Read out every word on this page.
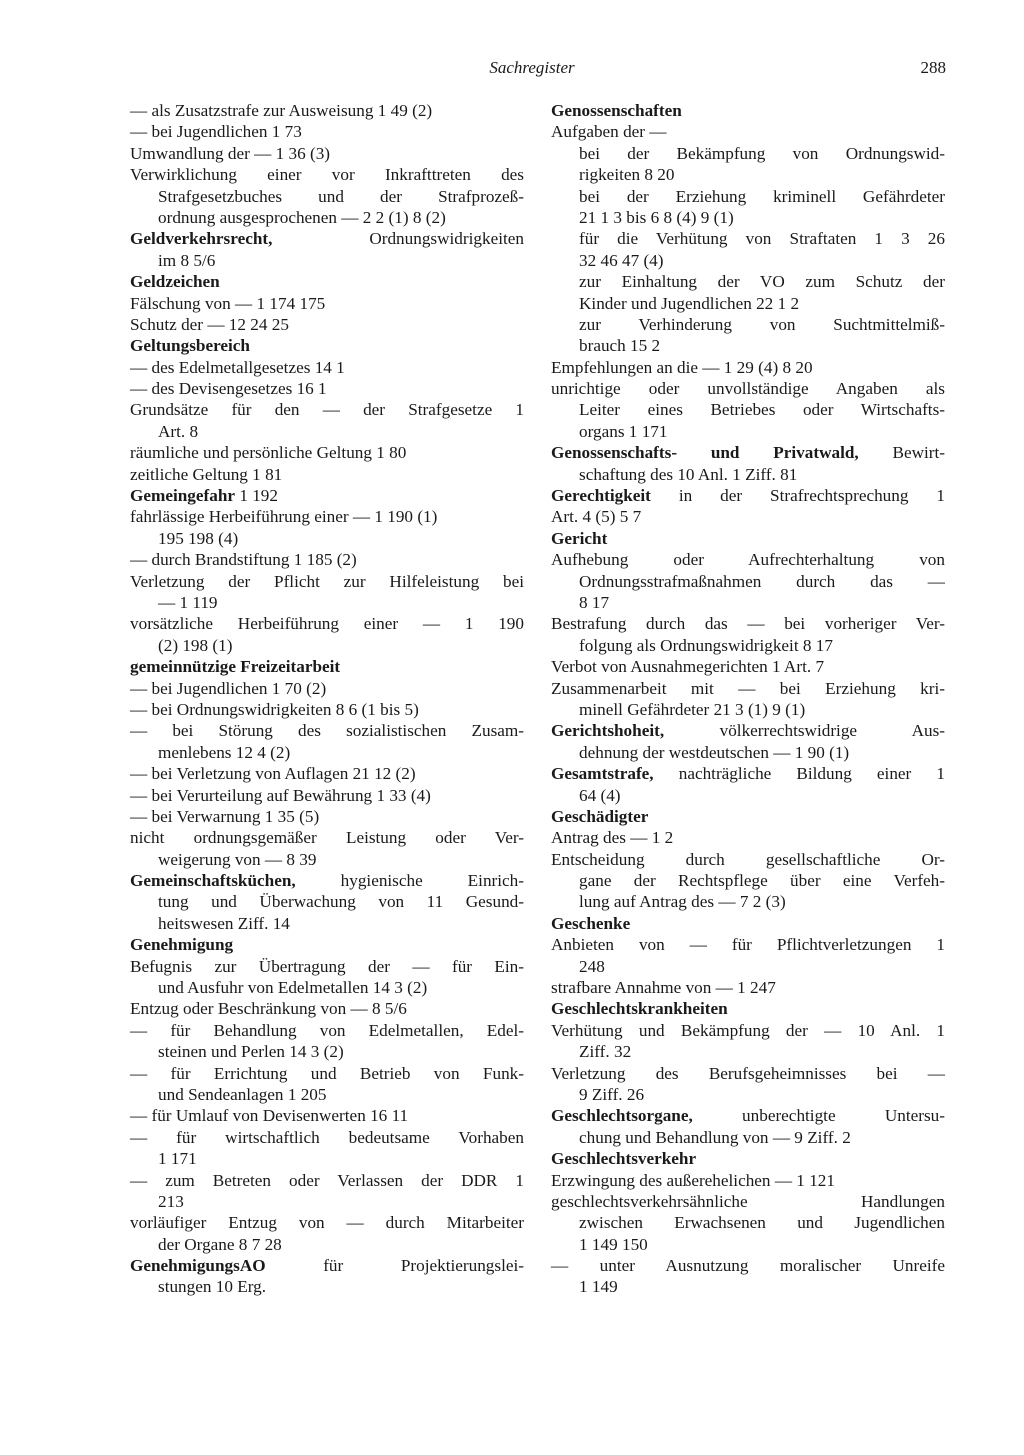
Sachregister	288
— als Zusatzstrafe zur Ausweisung 1 49 (2)
— bei Jugendlichen 1 73
Umwandlung der — 1 36 (3)
Verwirklichung einer vor Inkrafttreten des
Strafgesetzbuches und der Strafprozeß-
ordnung ausgesprochenen — 2 2 (1) 8 (2)
Geldverkehrsrecht, Ordnungswidrigkeiten
im 8 5/6
Geldzeichen
Fälschung von — 1 174 175
Schutz der — 12 24 25
Geltungsbereich
— des Edelmetallgesetzes 14 1
— des Devisengesetzes 16 1
Grundsätze für den — der Strafgesetze 1
Art. 8
räumliche und persönliche Geltung 1 80
zeitliche Geltung 1 81
Gemeingefahr 1 192
fahrlässige Herbeiführung einer — 1 190 (1)
195 198 (4)
— durch Brandstiftung 1 185 (2)
Verletzung der Pflicht zur Hilfeleistung bei
— 1 119
vorsätzliche Herbeiführung einer — 1 190
(2) 198 (1)
gemeinnützige Freizeitarbeit
— bei Jugendlichen 1 70 (2)
— bei Ordnungswidrigkeiten 8 6 (1 bis 5)
— bei Störung des sozialistischen Zusam-
menlebens 12 4 (2)
— bei Verletzung von Auflagen 21 12 (2)
— bei Verurteilung auf Bewährung 1 33 (4)
— bei Verwarnung 1 35 (5)
nicht ordnungsgemäßer Leistung oder Ver-
weigerung von — 8 39
Gemeinschaftsküchen, hygienische Einrich-
tung und Überwachung von 11 Gesund-
heitswesen Ziff. 14
Genehmigung
Befugnis zur Übertragung der — für Ein-
und Ausfuhr von Edelmetallen 14 3 (2)
Entzug oder Beschränkung von — 8 5/6
— für Behandlung von Edelmetallen, Edel-
steinen und Perlen 14 3 (2)
— für Errichtung und Betrieb von Funk-
und Sendeanlagen 1 205
— für Umlauf von Devisenwerten 16 11
— für wirtschaftlich bedeutsame Vorhaben
1 171
— zum Betreten oder Verlassen der DDR 1
213
vorläufiger Entzug von — durch Mitarbeiter
der Organe 8 7 28
GenehmigungsAO für Projektierungslei-
stungen 10 Erg.
Genossenschaften
Aufgaben der —
bei der Bekämpfung von Ordnungswid-
rigkeiten 8 20
bei der Erziehung kriminell Gefährdeter
21 1 3 bis 6 8 (4) 9 (1)
für die Verhütung von Straftaten 1 3 26
32 46 47 (4)
zur Einhaltung der VO zum Schutz der
Kinder und Jugendlichen 22 1 2
zur Verhinderung von Suchtmittelmiß-
brauch 15 2
Empfehlungen an die — 1 29 (4) 8 20
unrichtige oder unvollständige Angaben als
Leiter eines Betriebes oder Wirtschafts-
organs 1 171
Genossenschafts- und Privatwald, Bewirt-
schaftung des 10 Anl. 1 Ziff. 81
Gerechtigkeit in der Strafrechtsprechung 1
Art. 4 (5) 5 7
Gericht
Aufhebung oder Aufrechterhaltung von
Ordnungsstrafmaßnahmen durch das —
8 17
Bestrafung durch das — bei vorheriger Ver-
folgung als Ordnungswidrigkeit 8 17
Verbot von Ausnahmegerichten 1 Art. 7
Zusammenarbeit mit — bei Erziehung kri-
minell Gefährdeter 21 3 (1) 9 (1)
Gerichtshoheit, völkerrechtswidrige Aus-
dehnung der westdeutschen — 1 90 (1)
Gesamtstrafe, nachträgliche Bildung einer 1
64 (4)
Geschädigter
Antrag des — 1 2
Entscheidung durch gesellschaftliche Or-
gane der Rechtspflege über eine Verfeh-
lung auf Antrag des — 7 2 (3)
Geschenke
Anbieten von — für Pflichtverletzungen 1
248
strafbare Annahme von — 1 247
Geschlechtskrankheiten
Verhütung und Bekämpfung der — 10 Anl. 1
Ziff. 32
Verletzung des Berufsgeheimnisses bei —
9 Ziff. 26
Geschlechtsorgane, unberechtigte Untersu-
chung und Behandlung von — 9 Ziff. 2
Geschlechtsverkehr
Erzwingung des außerehelichen — 1 121
geschlechtsverkehrsähnliche Handlungen
zwischen Erwachsenen und Jugendlichen
1 149 150
— unter Ausnutzung moralischer Unreife
1 149
